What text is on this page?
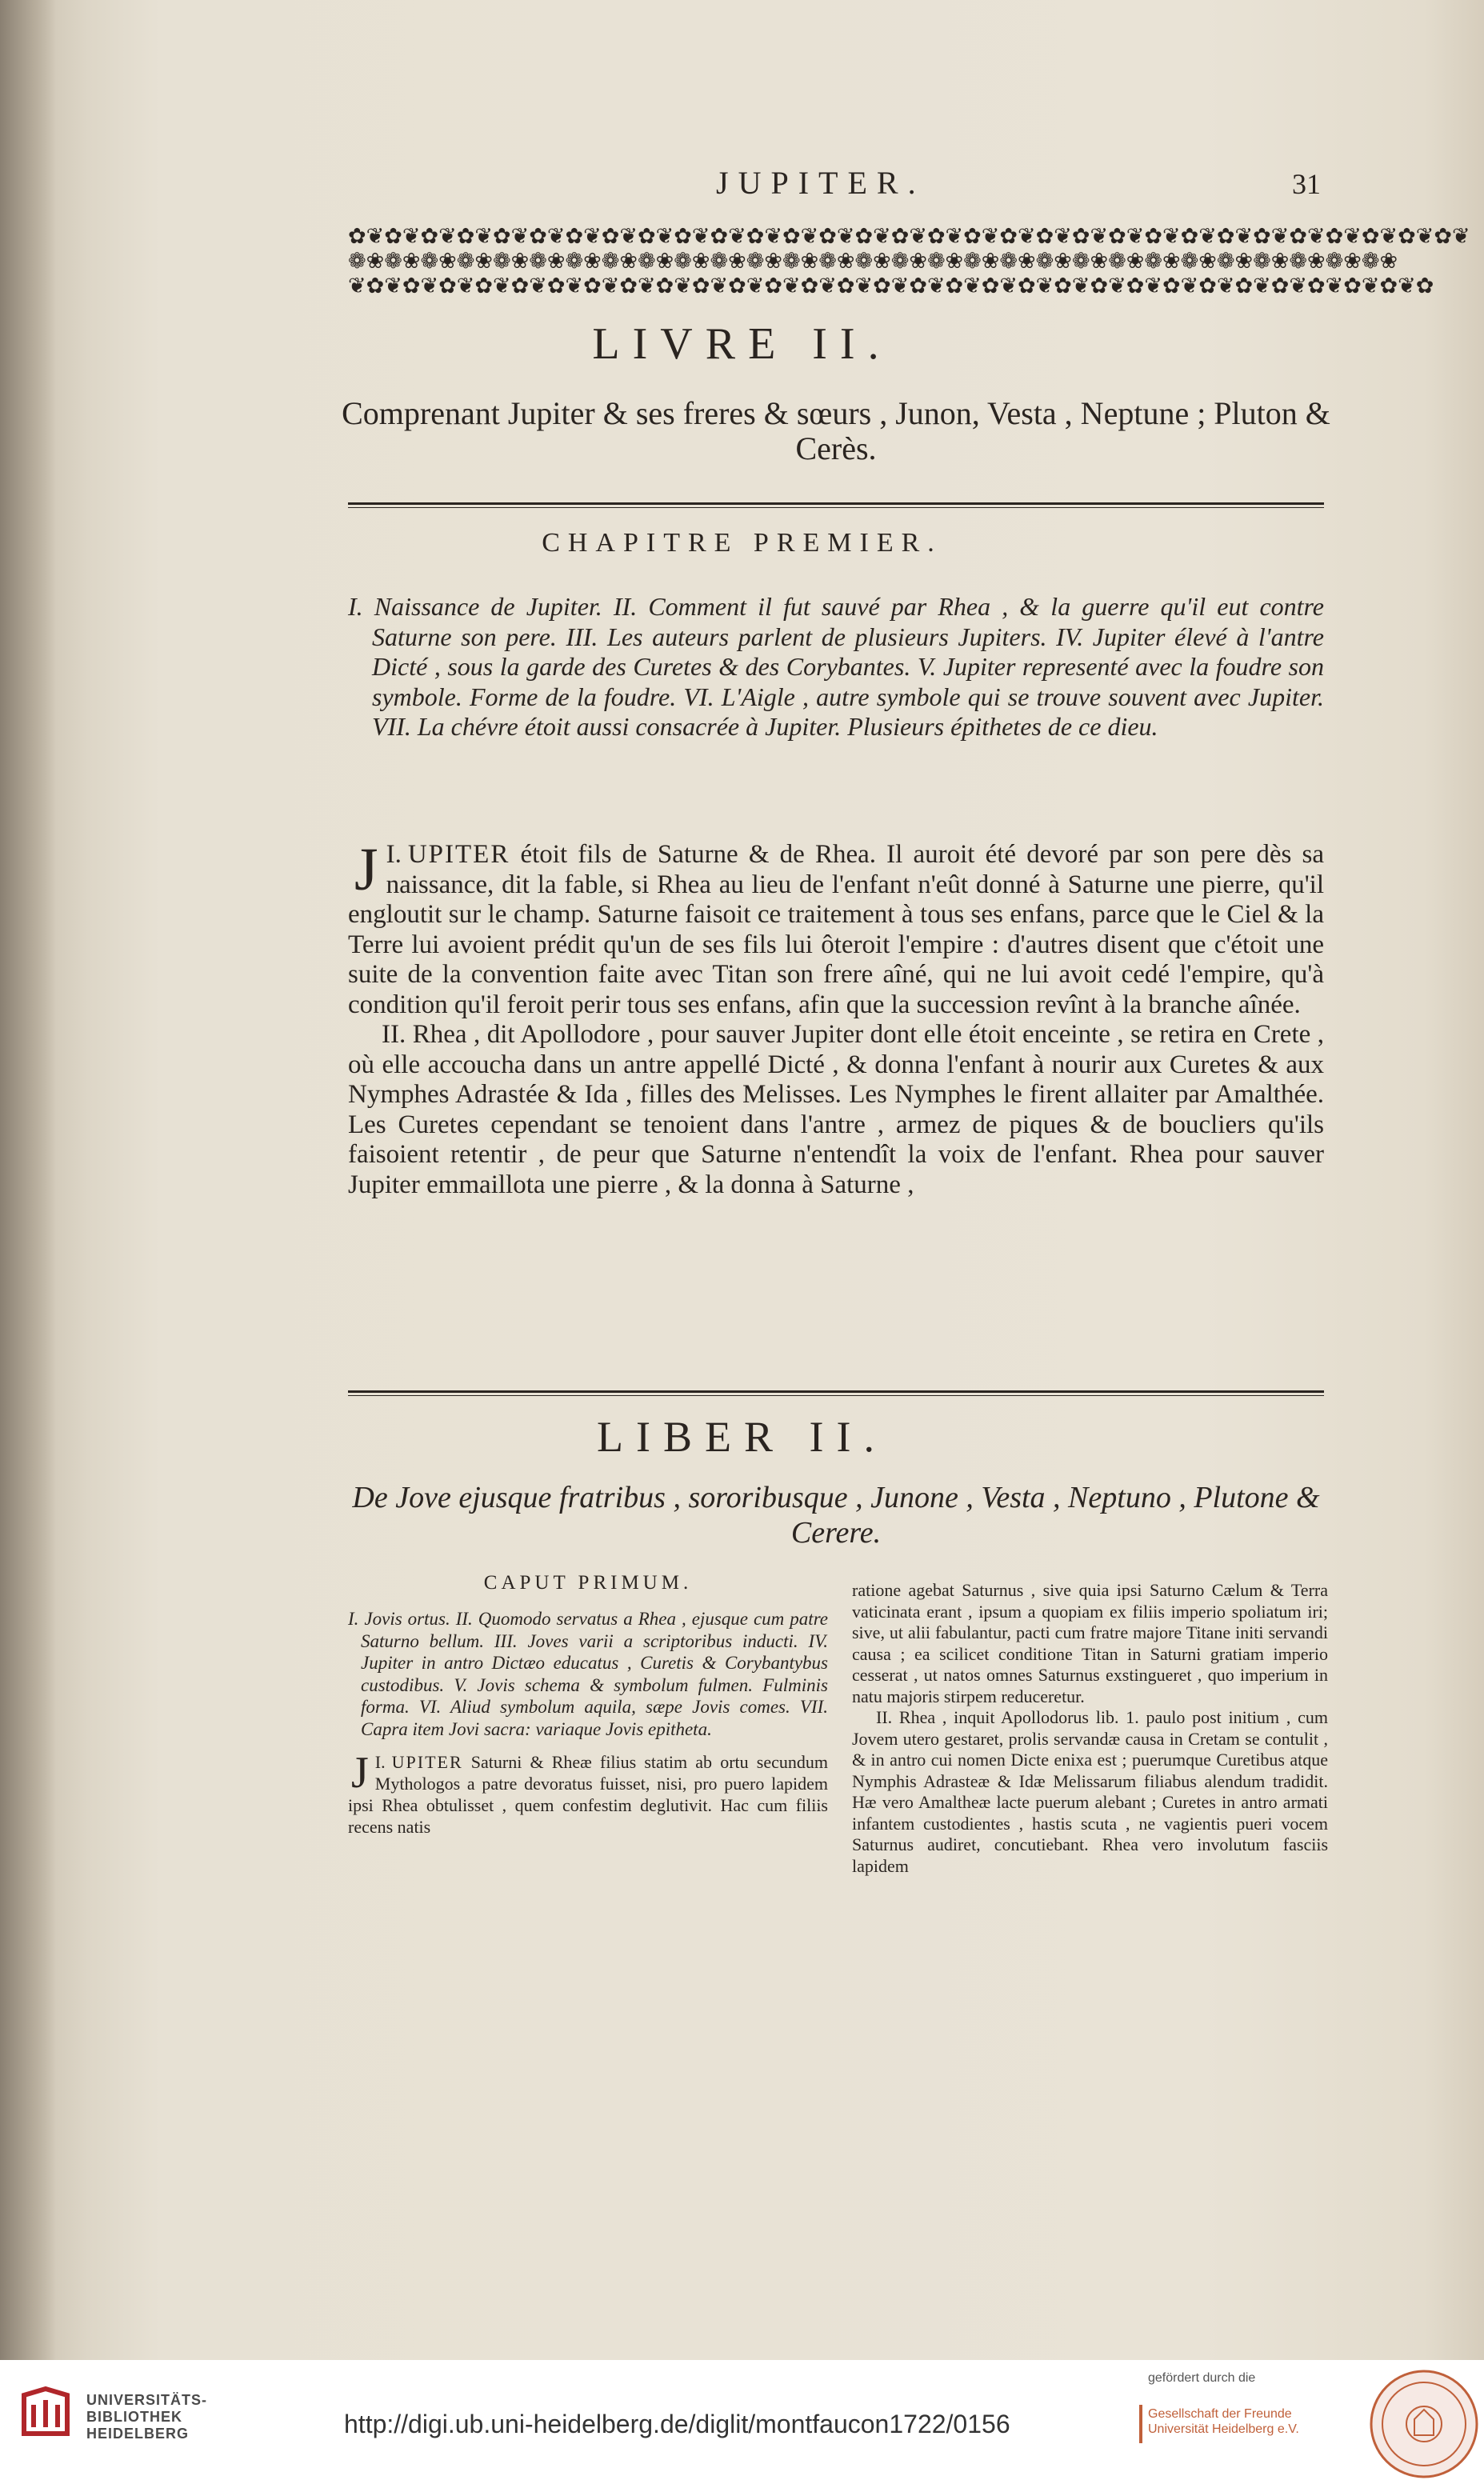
JUPITER.	31
✿❦✿❦✿❦✿❦✿❦✿❦✿❦✿❦✿❦✿❦✿❦✿❦✿❦✿❦✿❦✿❦✿❦✿❦✿❦✿❦✿❦✿❦✿❦✿❦✿❦✿❦✿❦✿❦✿❦✿❦✿❦
❁❀❁❀❁❀❁❀❁❀❁❀❁❀❁❀❁❀❁❀❁❀❁❀❁❀❁❀❁❀❁❀❁❀❁❀❁❀❁❀❁❀❁❀❁❀❁❀❁❀❁❀❁❀❁❀❁❀
❦✿❦✿❦✿❦✿❦✿❦✿❦✿❦✿❦✿❦✿❦✿❦✿❦✿❦✿❦✿❦✿❦✿❦✿❦✿❦✿❦✿❦✿❦✿❦✿❦✿❦✿❦✿❦✿❦✿❦✿
LIVRE II.
Comprenant Jupiter & ses freres & sœurs , Junon, Vesta , Neptune ; Pluton & Cerès.
CHAPITRE PREMIER.

I. Naissance de Jupiter. II. Comment il fut sauvé par Rhea , & la guerre qu'il eut contre Saturne son pere. III. Les auteurs parlent de plusieurs Jupiters. IV. Jupiter élevé à l'antre Dicté , sous la garde des Curetes & des Corybantes. V. Jupiter representé avec la foudre son symbole. Forme de la foudre. VI. L'Aigle , autre symbole qui se trouve souvent avec Jupiter. VII. La chévre étoit aussi consacrée à Jupiter. Plusieurs épithetes de ce dieu.

I.
J UPITER étoit fils de Saturne & de Rhea. Il auroit été devoré par son pere dès sa naissance, dit la fable, si Rhea au lieu de l'enfant n'eût donné à Saturne une pierre, qu'il engloutit sur le champ. Saturne faisoit ce traitement à tous ses enfans, parce que le Ciel & la Terre lui avoient prédit qu'un de ses fils lui ôteroit l'empire : d'autres disent que c'étoit une suite de la convention faite avec Titan son frere aîné, qui ne lui avoit cedé l'empire, qu'à condition qu'il feroit perir tous ses enfans, afin que la succession revînt à la branche aînée.

II. Rhea , dit Apollodore , pour sauver Jupiter dont elle étoit enceinte , se retira en Crete , où elle accoucha dans un antre appellé Dicté , & donna l'enfant à nourir aux Curetes & aux Nymphes Adrastée & Ida , filles des Melisses. Les Nymphes le firent allaiter par Amalthée. Les Curetes cependant se tenoient dans l'antre , armez de piques & de boucliers qu'ils faisoient retentir , de peur que Saturne n'entendît la voix de l'enfant. Rhea pour sauver Jupiter emmaillota une pierre , & la donna à Saturne ,

LIBER II.
De Jove ejusque fratribus , sororibusque , Junone , Vesta , Neptuno , Plutone & Cerere.

CAPUT PRIMUM.

I. Jovis ortus. II. Quomodo servatus a Rhea , ejusque cum patre Saturno bellum. III. Joves varii a scriptoribus inducti. IV. Jupiter in antro Dictæo educatus , Curetis & Corybantybus custodibus. V. Jovis schema & symbolum fulmen. Fulminis forma. VI. Aliud symbolum aquila, sæpe Jovis comes. VII. Capra item Jovi sacra: variaque Jovis epitheta.

I.
J UPITER Saturni & Rheæ filius statim ab ortu secundum Mythologos a patre devoratus fuisset, nisi, pro puero lapidem ipsi Rhea obtulisset , quem confestim deglutivit. Hac cum filiis recens natis

ratione agebat Saturnus , sive quia ipsi Saturno Cælum & Terra vaticinata erant , ipsum a quopiam ex filiis imperio spoliatum iri; sive, ut alii fabulantur, pacti cum fratre majore Titane initi servandi causa ; ea scilicet conditione Titan in Saturni gratiam imperio cesserat , ut natos omnes Saturnus exstingueret , quo imperium in natu majoris stirpem reduceretur.

II. Rhea , inquit Apollodorus lib. 1. paulo post initium , cum Jovem utero gestaret, prolis servandæ causa in Cretam se contulit , & in antro cui nomen Dicte enixa est ; puerumque Curetibus atque Nymphis Adrasteæ & Idæ Melissarum filiabus alendum tradidit. Hæ vero Amaltheæ lacte puerum alebant ; Curetes in antro armati infantem custodientes , hastis scuta , ne vagientis pueri vocem Saturnus audiret, concutiebant. Rhea vero involutum fasciis lapidem

UNIVERSITÄTS-
BIBLIOTHEK
HEIDELBERG	http://digi.ub.uni-heidelberg.de/diglit/montfaucon1722/0156
gefördert durch die
Gesellschaft der Freunde
Universität Heidelberg e.V.
